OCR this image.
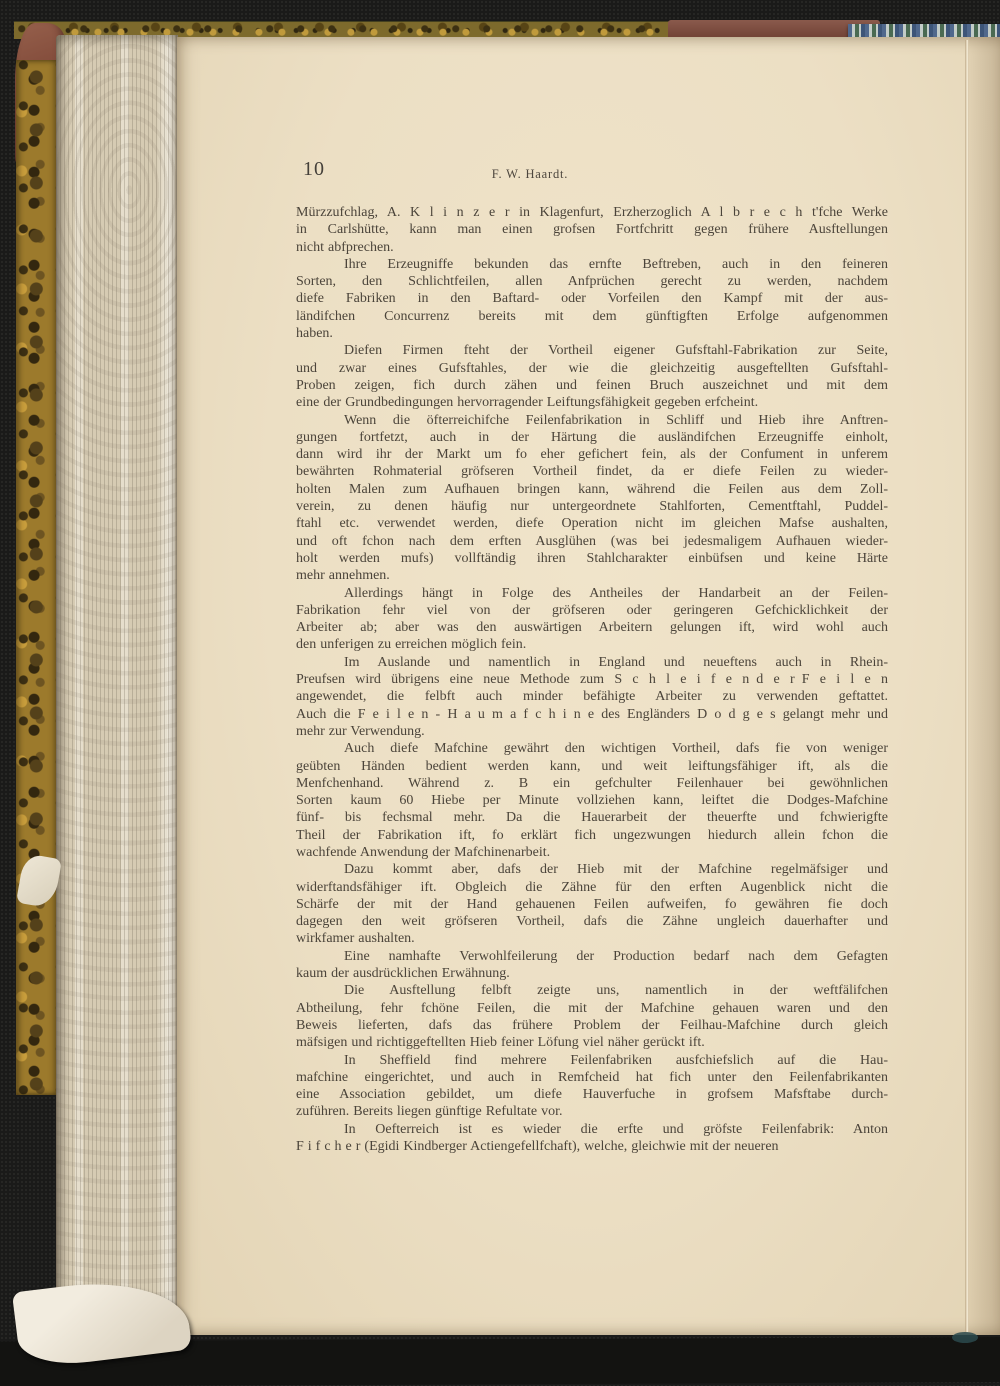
10	F. W. Haardt.
Mürzzufchlag, A. K l i n z e r in Klagenfurt, Erzherzoglich A l b r e c h t'fche Werke
in Carlshütte, kann man einen grofsen Fortfchritt gegen frühere Ausftellungen
nicht abfprechen.
Ihre Erzeugniffe bekunden das ernfte Beftreben, auch in den feineren
Sorten, den Schlichtfeilen, allen Anfprüchen gerecht zu werden, nachdem
diefe Fabriken in den Baftard- oder Vorfeilen den Kampf mit der aus-
ländifchen Concurrenz bereits mit dem günftigften Erfolge aufgenommen
haben.
Diefen Firmen fteht der Vortheil eigener Gufsftahl-Fabrikation zur Seite,
und zwar eines Gufsftahles, der wie die gleichzeitig ausgeftellten Gufsftahl-
Proben zeigen, fich durch zähen und feinen Bruch auszeichnet und mit dem
eine der Grundbedingungen hervorragender Leiftungsfähigkeit gegeben erfcheint.
Wenn die öfterreichifche Feilenfabrikation in Schliff und Hieb ihre Anftren-
gungen fortfetzt, auch in der Härtung die ausländifchen Erzeugniffe einholt,
dann wird ihr der Markt um fo eher gefichert fein, als der Confument in unferem
bewährten Rohmaterial gröfseren Vortheil findet, da er diefe Feilen zu wieder-
holten Malen zum Aufhauen bringen kann, während die Feilen aus dem Zoll-
verein, zu denen häufig nur untergeordnete Stahlforten, Cementftahl, Puddel-
ftahl etc. verwendet werden, diefe Operation nicht im gleichen Mafse aushalten,
und oft fchon nach dem erften Ausglühen (was bei jedesmaligem Aufhauen wieder-
holt werden mufs) vollftändig ihren Stahlcharakter einbüfsen und keine Härte
mehr annehmen.
Allerdings hängt in Folge des Antheiles der Handarbeit an der Feilen-
Fabrikation fehr viel von der gröfseren oder geringeren Gefchicklichkeit der
Arbeiter ab; aber was den auswärtigen Arbeitern gelungen ift, wird wohl auch
den unferigen zu erreichen möglich fein.
Im Auslande und namentlich in England und neueftens auch in Rhein-
Preufsen wird übrigens eine neue Methode zum S c h l e i f e n d e r F e i l e n
angewendet, die felbft auch minder befähigte Arbeiter zu verwenden geftattet.
Auch die F e i l e n - H a u m a f c h i n e des Engländers D o d g e s gelangt mehr und
mehr zur Verwendung.
Auch diefe Mafchine gewährt den wichtigen Vortheil, dafs fie von weniger
geübten Händen bedient werden kann, und weit leiftungsfähiger ift, als die
Menfchenhand. Während z. B ein gefchulter Feilenhauer bei gewöhnlichen
Sorten kaum 60 Hiebe per Minute vollziehen kann, leiftet die Dodges-Mafchine
fünf- bis fechsmal mehr. Da die Hauerarbeit der theuerfte und fchwierigfte
Theil der Fabrikation ift, fo erklärt fich ungezwungen hiedurch allein fchon die
wachfende Anwendung der Mafchinenarbeit.
Dazu kommt aber, dafs der Hieb mit der Mafchine regelmäfsiger und
widerftandsfähiger ift. Obgleich die Zähne für den erften Augenblick nicht die
Schärfe der mit der Hand gehauenen Feilen aufweifen, fo gewähren fie doch
dagegen den weit gröfseren Vortheil, dafs die Zähne ungleich dauerhafter und
wirkfamer aushalten.
Eine namhafte Verwohlfeilerung der Production bedarf nach dem Gefagten
kaum der ausdrücklichen Erwähnung.
Die Ausftellung felbft zeigte uns, namentlich in der weftfälifchen
Abtheilung, fehr fchöne Feilen, die mit der Mafchine gehauen waren und den
Beweis lieferten, dafs das frühere Problem der Feilhau-Mafchine durch gleich
mäfsigen und richtiggeftellten Hieb feiner Löfung viel näher gerückt ift.
In Sheffield find mehrere Feilenfabriken ausfchiefslich auf die Hau-
mafchine eingerichtet, und auch in Remfcheid hat fich unter den Feilenfabrikanten
eine Association gebildet, um diefe Hauverfuche in grofsem Mafsftabe durch-
zuführen. Bereits liegen günftige Refultate vor.
In Oefterreich ist es wieder die erfte und gröfste Feilenfabrik: Anton
F i f c h e r (Egidi Kindberger Actiengefellfchaft), welche, gleichwie mit der neueren
